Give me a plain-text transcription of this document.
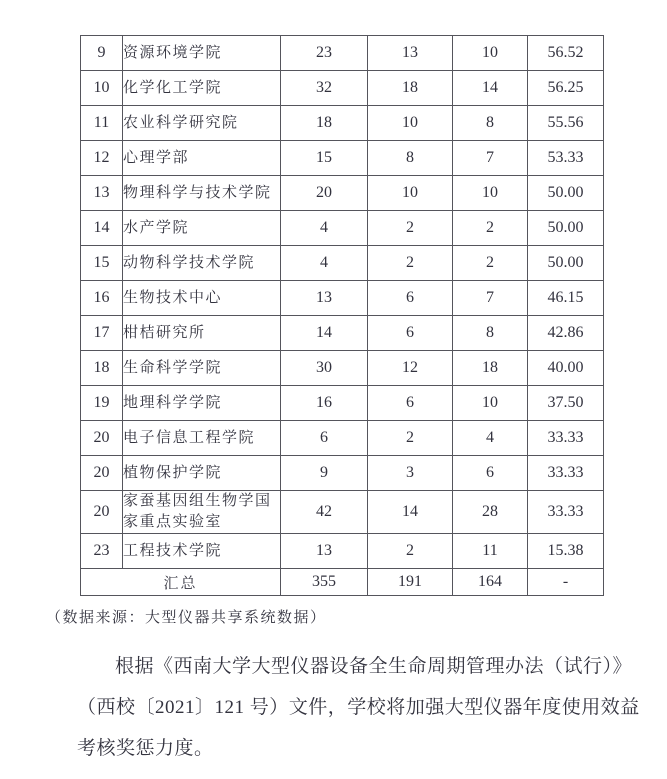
9	资源环境学院	23	13	10	56.52
10	化学化工学院	32	18	14	56.25
11	农业科学研究院	18	10	8	55.56
12	心理学部	15	8	7	53.33
13	物理科学与技术学院	20	10	10	50.00
14	水产学院	4	2	2	50.00
15	动物科学技术学院	4	2	2	50.00
16	生物技术中心	13	6	7	46.15
17	柑桔研究所	14	6	8	42.86
18	生命科学学院	30	12	18	40.00
19	地理科学学院	16	6	10	37.50
20	电子信息工程学院	6	2	4	33.33
20	植物保护学院	9	3	6	33.33
20	家蚕基因组生物学国家重点实验室	42	14	28	33.33
23	工程技术学院	13	2	11	15.38
汇总		355	191	164	-
（数据来源：大型仪器共享系统数据）
根据《西南大学大型仪器设备全生命周期管理办法（试行）》
（西校〔2021〕121 号）文件，学校将加强大型仪器年度使用效益
考核奖惩力度。
